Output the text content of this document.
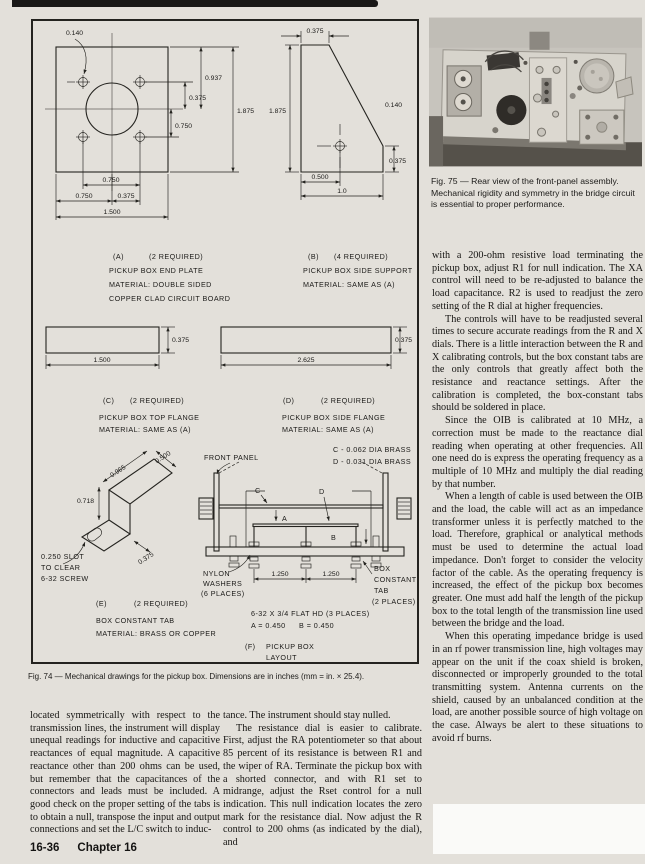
0.140
0.750
0.375
0.937
1.875
0.750
0.750	0.375
1.500
(A)	(2 REQUIRED)
PICKUP BOX END PLATE
MATERIAL: DOUBLE SIDED
COPPER CLAD CIRCUIT BOARD
0.375
1.875
0.140
0.375
0.500
1.0
(B) (4 REQUIRED)
PICKUP BOX SIDE SUPPORT
MATERIAL: SAME AS (A)
0.375
1.500
(C) (2 REQUIRED)
PICKUP BOX TOP FLANGE
MATERIAL: SAME AS (A)
0.375
2.625
(D)	(2 REQUIRED)
PICKUP BOX SIDE FLANGE
MATERIAL: SAME AS (A)
0.965
0.500
0.718
0.375
0.250 SLOT
TO CLEAR
6-32 SCREW
(E)	(2 REQUIRED)
BOX CONSTANT TAB
MATERIAL: BRASS OR COPPER
FRONT PANEL
C - 0.062 DIA BRASS
D - 0.031 DIA BRASS
C	D
A
B
NYLON
WASHERS
(6 PLACES)
1.250	1.250
BOX
CONSTANT
TAB
(2 PLACES)
6-32 X 3/4 FLAT HD (3 PLACES)
A = 0.450 B = 0.450
(F) PICKUP BOX
LAYOUT
Fig. 74 — Mechanical drawings for the pickup box. Dimensions are in inches (mm = in. × 25.4).
Fig. 75 — Rear view of the front-panel assembly. Mechanical rigidity and symmetry in the bridge circuit is essential to proper performance.

with a 200-ohm resistive load terminating the pickup box, adjust R1 for null indication. The XA control will need to be re-adjusted to balance the load capacitance. R2 is used to readjust the zero setting of the R dial at higher frequencies.

The controls will have to be readjusted several times to secure accurate readings from the R and X dials. There is a little interaction between the R and X calibrating controls, but the box constant tabs are the only controls that greatly affect both the resistance and reactance settings. After the calibration is completed, the box-constant tabs should be soldered in place.

Since the OIB is calibrated at 10 MHz, a correction must be made to the reactance dial reading when operating at other frequencies. All one need do is express the operating frequency as a multiple of 10 MHz and multiply the dial reading by that number.

When a length of cable is used between the OIB and the load, the cable will act as an impedance transformer unless it is perfectly matched to the load. Therefore, graphical or analytical methods must be used to determine the actual load impedance. Don't forget to consider the velocity factor of the cable. As the operating frequency is increased, the effect of the pickup box becomes greater. One must add half the length of the pickup box to the total length of the transmission line used between the bridge and the load.

When this operating impedance bridge is used in an rf power transmission line, high voltages may appear on the unit if the coax shield is broken, disconnected or improperly grounded to the total transmitting system. Antenna currents on the shield, caused by an unbalanced condition at the load, are another possible source of high voltage on the case. Always be alert to these situations to avoid rf burns.

located symmetrically with respect to the transmission lines, the instrument will display unequal readings for inductive and capacitive reactances of equal magnitude. A capacitive reactance other than 200 ohms can be used, but remember that the capacitances of the connectors and leads must be included. A good check on the proper setting of the tabs is to obtain a null, transpose the input and output connections and set the L/C switch to induc-

tance. The instrument should stay nulled.

The resistance dial is easier to calibrate. First, adjust the RA potentiometer so that about 85 percent of its resistance is between R1 and the wiper of RA. Terminate the pickup box with a shorted connector, and with R1 set to midrange, adjust the Rset control for a null indication. This null indication locates the zero mark for the resistance dial. Now adjust the R control to 200 ohms (as indicated by the dial), and

16-36 Chapter 16
